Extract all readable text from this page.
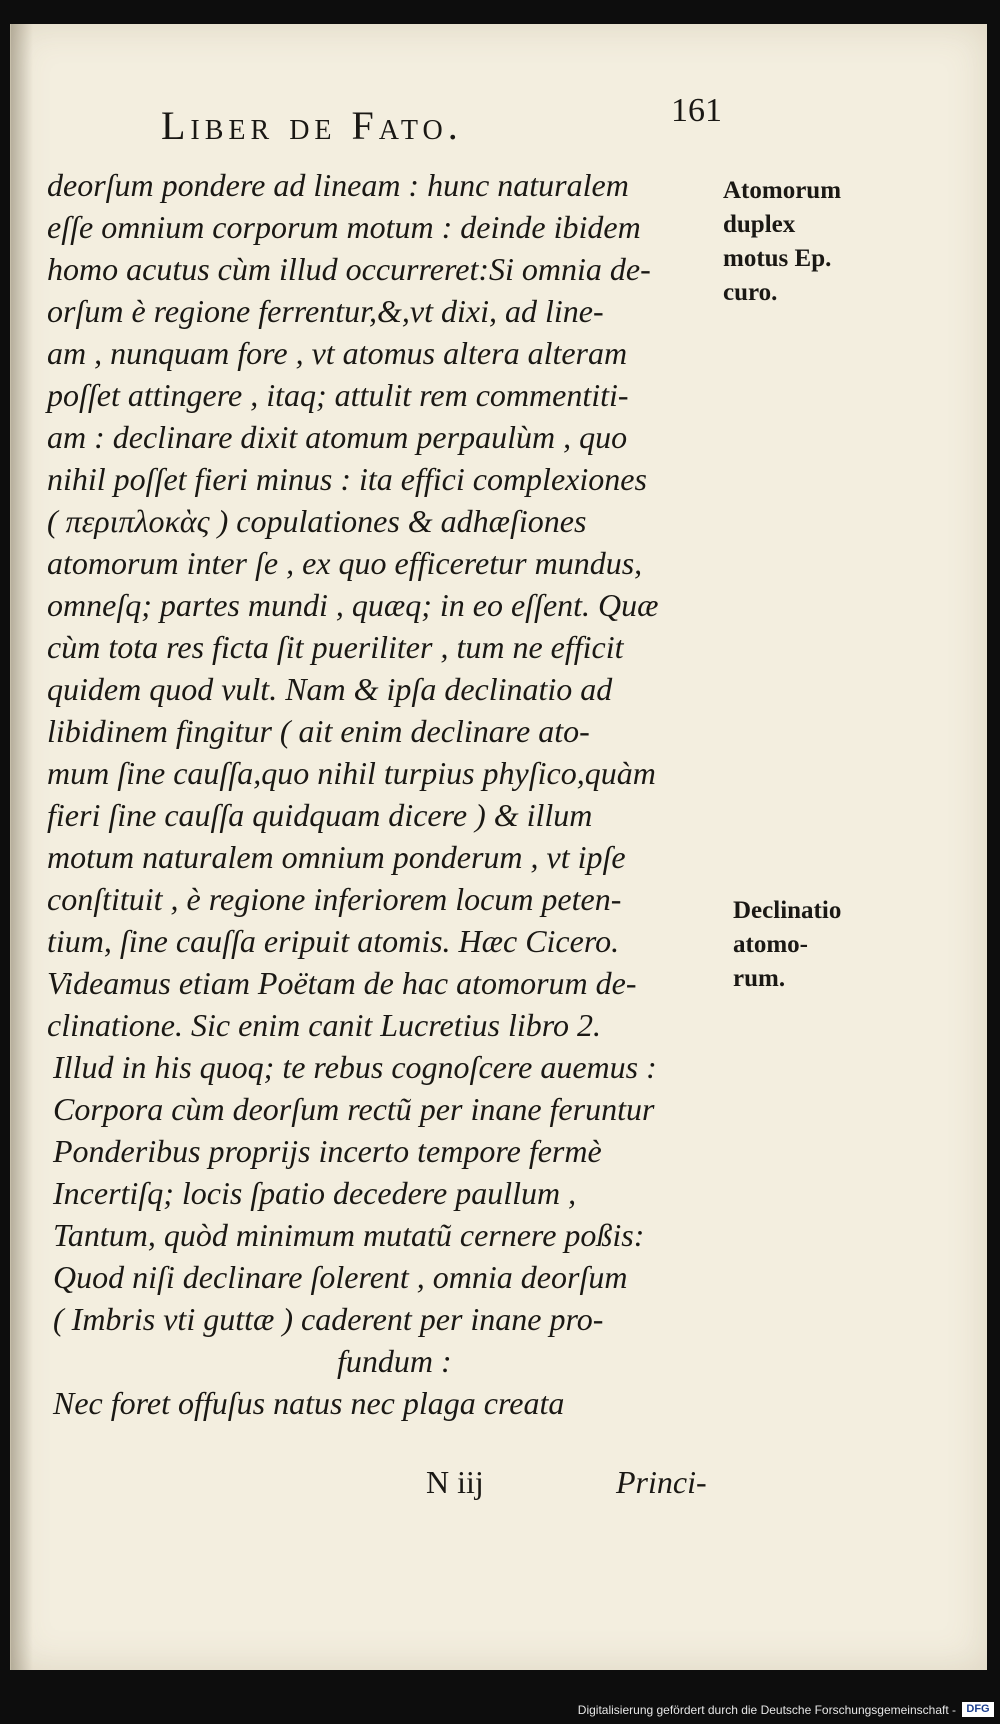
Liber de Fato.	161
deorſum pondere ad lineam : hunc naturalem
eſſe omnium corporum motum : deinde ibidem
homo acutus cùm illud occurreret:Si omnia de-
orſum è regione ferrentur,&,vt dixi, ad line-
am , nunquam fore , vt atomus altera alteram
poſſet attingere , itaq; attulit rem commentiti-
am : declinare dixit atomum perpaulùm , quo
nihil poſſet fieri minus : ita effici complexiones
( περιπλοκὰς ) copulationes & adhæſiones
atomorum inter ſe , ex quo efficeretur mundus,
omneſq; partes mundi , quæq; in eo eſſent. Quæ
cùm tota res ficta ſit pueriliter , tum ne efficit
quidem quod vult. Nam & ipſa declinatio ad
libidinem fingitur ( ait enim declinare ato-
mum ſine cauſſa,quo nihil turpius phyſico,quàm
fieri ſine cauſſa quidquam dicere ) & illum
motum naturalem omnium ponderum , vt ipſe
conſtituit , è regione inferiorem locum peten-
tium, ſine cauſſa eripuit atomis. Hæc Cicero.
Videamus etiam Poëtam de hac atomorum de-
clinatione. Sic enim canit Lucretius libro 2.
Illud in his quoq; te rebus cognoſcere auemus :
Corpora cùm deorſum rectũ per inane feruntur
Ponderibus proprijs incerto tempore fermè
Incertiſq; locis ſpatio decedere paullum ,
Tantum, quòd minimum mutatũ cernere poßis:
Quod niſi declinare ſolerent , omnia deorſum
( Imbris vti guttæ ) caderent per inane pro-
fundum :
Nec foret offuſus natus nec plaga creata
Atomorum
duplex
motus Ep.
curo.
Declinatio
atomo-
rum.
N iij	Princi-
Digitalisierung gefördert durch die Deutsche Forschungsgemeinschaft - DFG
